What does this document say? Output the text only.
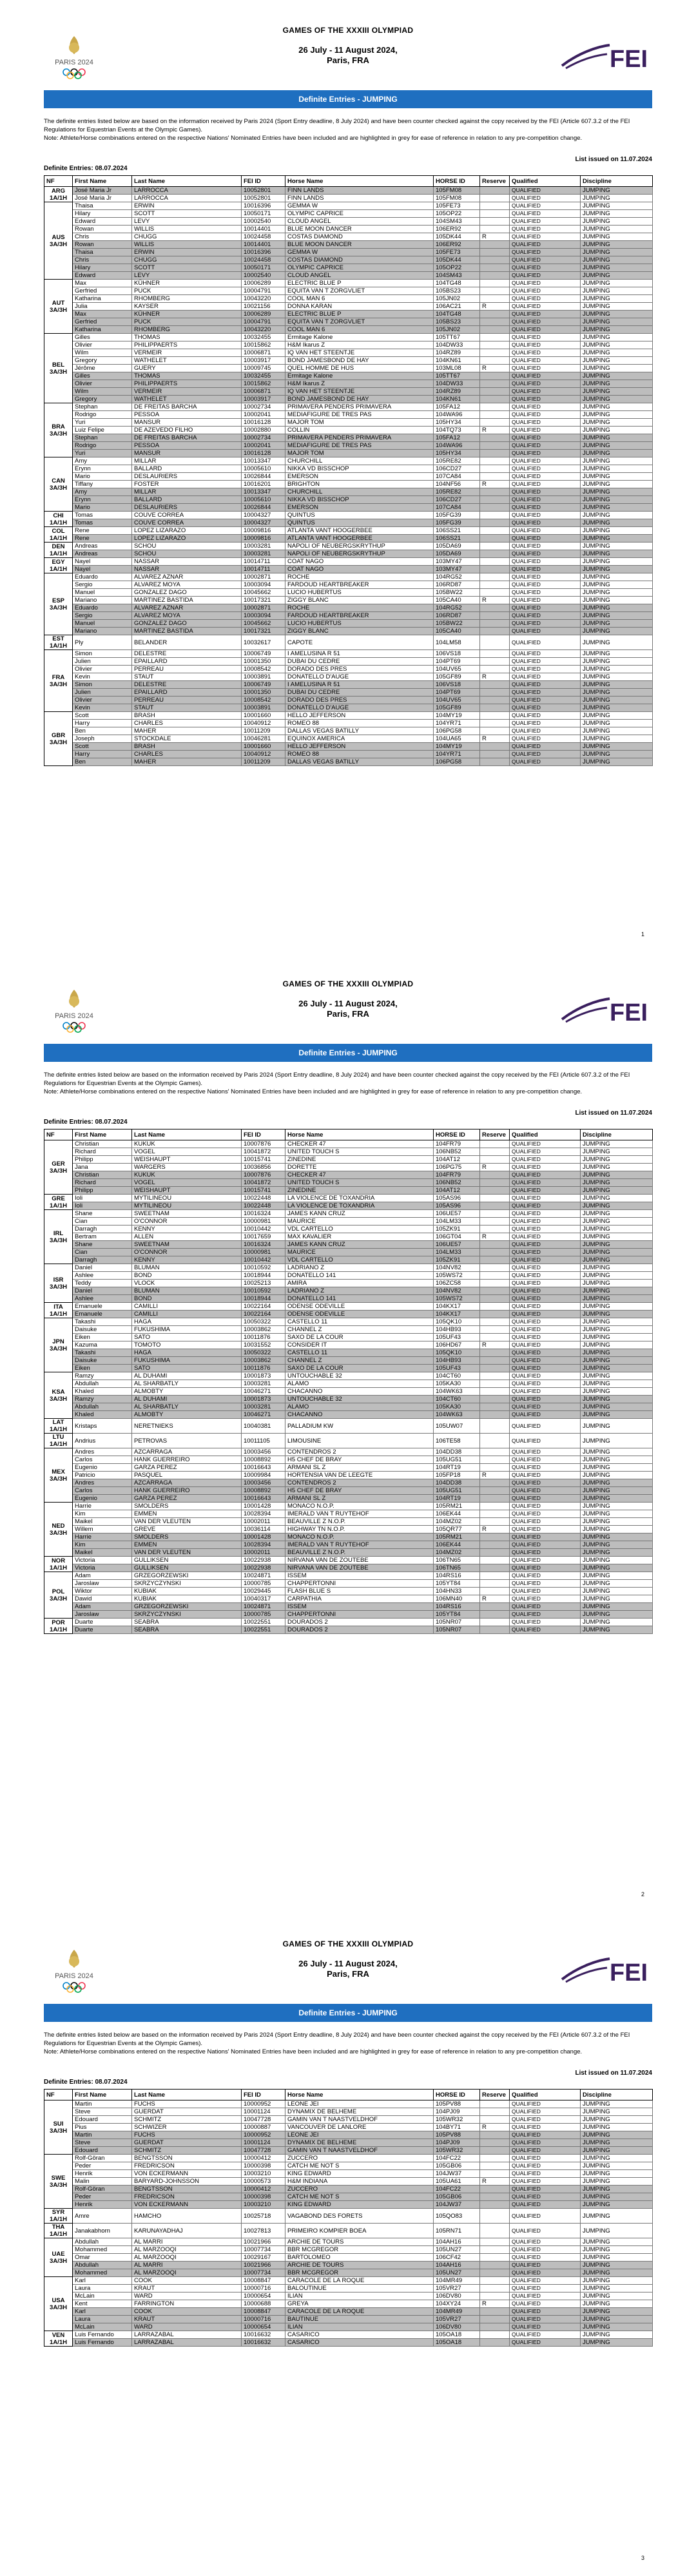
PARIS 2024	FEI
GAMES OF THE XXXIII OLYMPIAD
26 July - 11 August 2024,
Paris, FRA
Definite Entries - JUMPING
The definite entries listed below are based on the information received by Paris 2024 (Sport Entry deadline, 8 July 2024) and have been counter checked against the copy received by the FEI (Article 607.3.2 of the FEI Regulations for Equestrian Events at the Olympic Games).
Note: Athlete/Horse combinations entered on the respective Nations' Nominated Entries have been included and are highlighted in grey for ease of reference in relation to any pre-competition change.
List issued on 11.07.2024
Definite Entries: 08.07.2024
NF	First Name	Last Name	FEI ID	Horse Name	HORSE ID	Reserve	Qualified	Discipline
ARG
1A/1H	José Maria Jr	LARROCCA	10052801	FINN LANDS	105FM08		QUALIFIED	JUMPING
	José Maria Jr	LARROCCA	10052801	FINN LANDS	105FM08		QUALIFIED	JUMPING
AUS
3A/3H	Thaisa	ERWIN	10016396	GEMMA W	105FE73		QUALIFIED	JUMPING
	Hilary	SCOTT	10050171	OLYMPIC CAPRICE	105OP22		QUALIFIED	JUMPING
	Edward	LEVY	10002540	CLOUD ANGEL	104SM43		QUALIFIED	JUMPING
	Rowan	WILLIS	10014401	BLUE MOON DANCER	106ER92		QUALIFIED	JUMPING
	Chris	CHUGG	10024458	COSTAS DIAMOND	105DK44	R	QUALIFIED	JUMPING
	Rowan	WILLIS	10014401	BLUE MOON DANCER	106ER92		QUALIFIED	JUMPING
	Thaisa	ERWIN	10016396	GEMMA W	105FE73		QUALIFIED	JUMPING
	Chris	CHUGG	10024458	COSTAS DIAMOND	105DK44		QUALIFIED	JUMPING
	Hilary	SCOTT	10050171	OLYMPIC CAPRICE	105OP22		QUALIFIED	JUMPING
	Edward	LEVY	10002540	CLOUD ANGEL	104SM43		QUALIFIED	JUMPING
AUT
3A/3H	Max	KÜHNER	10006289	ELECTRIC BLUE P	104TG48		QUALIFIED	JUMPING
	Gerfried	PUCK	10004791	EQUITA VAN T ZORGVLIET	105BS23		QUALIFIED	JUMPING
	Katharina	RHOMBERG	10043220	COOL MAN 6	105JN02		QUALIFIED	JUMPING
	Julia	KAYSER	10021156	DONNA KARAN	106AC21	R	QUALIFIED	JUMPING
	Max	KÜHNER	10006289	ELECTRIC BLUE P	104TG48		QUALIFIED	JUMPING
	Gerfried	PUCK	10004791	EQUITA VAN T ZORGVLIET	105BS23		QUALIFIED	JUMPING
	Katharina	RHOMBERG	10043220	COOL MAN 6	105JN02		QUALIFIED	JUMPING
BEL
3A/3H	Gilles	THOMAS	10032455	Ermitage Kalone	105TT67		QUALIFIED	JUMPING
	Olivier	PHILIPPAERTS	10015862	H&M Ikarus Z	104DW33		QUALIFIED	JUMPING
	Wilm	VERMEIR	10006871	IQ VAN HET STEENTJE	104RZ89		QUALIFIED	JUMPING
	Gregory	WATHELET	10003917	BOND JAMESBOND DE HAY	104KN61		QUALIFIED	JUMPING
	Jérôme	GUERY	10009745	QUEL HOMME DE HUS	103ML08	R	QUALIFIED	JUMPING
	Gilles	THOMAS	10032455	Ermitage Kalone	105TT67		QUALIFIED	JUMPING
	Olivier	PHILIPPAERTS	10015862	H&M Ikarus Z	104DW33		QUALIFIED	JUMPING
	Wilm	VERMEIR	10006871	IQ VAN HET STEENTJE	104RZ89		QUALIFIED	JUMPING
	Gregory	WATHELET	10003917	BOND JAMESBOND DE HAY	104KN61		QUALIFIED	JUMPING
BRA
3A/3H	Stephan	DE FREITAS BARCHA	10002734	PRIMAVERA PENDERS PRIMAVERA	105FA12		QUALIFIED	JUMPING
	Rodrigo	PESSOA	10002041	MEDIAFIGURE DE TRES PAS	104WA96		QUALIFIED	JUMPING
	Yuri	MANSUR	10016128	MAJOR TOM	105HY34		QUALIFIED	JUMPING
	Luiz Felipe	DE AZEVEDO FILHO	10002880	COLLIN	104TQ73	R	QUALIFIED	JUMPING
	Stephan	DE FREITAS BARCHA	10002734	PRIMAVERA PENDERS PRIMAVERA	105FA12		QUALIFIED	JUMPING
	Rodrigo	PESSOA	10002041	MEDIAFIGURE DE TRES PAS	104WA96		QUALIFIED	JUMPING
	Yuri	MANSUR	10016128	MAJOR TOM	105HY34		QUALIFIED	JUMPING
CAN
3A/3H	Amy	MILLAR	10013347	CHURCHILL	105RE82		QUALIFIED	JUMPING
	Erynn	BALLARD	10005610	NIKKA VD BISSCHOP	106CD27		QUALIFIED	JUMPING
	Mario	DESLAURIERS	10026844	EMERSON	107CA84		QUALIFIED	JUMPING
	Tiffany	FOSTER	10016201	BRIGHTON	104NF56	R	QUALIFIED	JUMPING
	Amy	MILLAR	10013347	CHURCHILL	105RE82		QUALIFIED	JUMPING
	Erynn	BALLARD	10005610	NIKKA VD BISSCHOP	106CD27		QUALIFIED	JUMPING
	Mario	DESLAURIERS	10026844	EMERSON	107CA84		QUALIFIED	JUMPING
CHI
1A/1H	Tomas	COUVE CORREA	10004327	QUINTUS	105FG39		QUALIFIED	JUMPING
	Tomas	COUVE CORREA	10004327	QUINTUS	105FG39		QUALIFIED	JUMPING
COL
1A/1H	Rene	LOPEZ LIZARAZO	10009816	ATLANTA VANT HOOGERBEE	106SS21		QUALIFIED	JUMPING
	Rene	LOPEZ LIZARAZO	10009816	ATLANTA VANT HOOGERBEE	106SS21		QUALIFIED	JUMPING
DEN
1A/1H	Andreas	SCHOU	10003281	NAPOLI OF NEUBERGSKRYTHUP	105DA69		QUALIFIED	JUMPING
	Andreas	SCHOU	10003281	NAPOLI OF NEUBERGSKRYTHUP	105DA69		QUALIFIED	JUMPING
EGY
1A/1H	Nayel	NASSAR	10014711	COAT NAGO	103MY47		QUALIFIED	JUMPING
	Nayel	NASSAR	10014711	COAT NAGO	103MY47		QUALIFIED	JUMPING
ESP
3A/3H	Eduardo	ALVAREZ AZNAR	10002871	ROCHE	104RG52		QUALIFIED	JUMPING
	Sergio	ALVAREZ MOYA	10003094	FARDOUD HEARTBREAKER	106RD87		QUALIFIED	JUMPING
	Manuel	GONZALEZ DAGO	10045662	LUCIO HUBERTUS	105BW22		QUALIFIED	JUMPING
	Mariano	MARTINEZ BASTIDA	10017321	ZIGGY BLANC	105CA40	R	QUALIFIED	JUMPING
	Eduardo	ALVAREZ AZNAR	10002871	ROCHE	104RG52		QUALIFIED	JUMPING
	Sergio	ALVAREZ MOYA	10003094	FARDOUD HEARTBREAKER	106RD87		QUALIFIED	JUMPING
	Manuel	GONZALEZ DAGO	10045662	LUCIO HUBERTUS	105BW22		QUALIFIED	JUMPING
	Mariano	MARTINEZ BASTIDA	10017321	ZIGGY BLANC	105CA40		QUALIFIED	JUMPING
EST
1A/1H	Ply	BELANDER	10032617	CAPOTE	104LM58		QUALIFIED	JUMPING
FRA
3A/3H	Simon	DELESTRE	10006749	I AMELUSINA R 51	106VS18		QUALIFIED	JUMPING
	Julien	EPAILLARD	10001350	DUBAI DU CEDRE	104PT69		QUALIFIED	JUMPING
	Olivier	PERREAU	10008542	DORADO DES PRES	104UV65		QUALIFIED	JUMPING
	Kevin	STAUT	10003891	DONATELLO D'AUGE	105GF89	R	QUALIFIED	JUMPING
	Simon	DELESTRE	10006749	I AMELUSINA R 51	106VS18		QUALIFIED	JUMPING
	Julien	EPAILLARD	10001350	DUBAI DU CEDRE	104PT69		QUALIFIED	JUMPING
	Olivier	PERREAU	10008542	DORADO DES PRES	104UV65		QUALIFIED	JUMPING
	Kevin	STAUT	10003891	DONATELLO D'AUGE	105GF89		QUALIFIED	JUMPING
GBR
3A/3H	Scott	BRASH	10001660	HELLO JEFFERSON	104MY19		QUALIFIED	JUMPING
	Harry	CHARLES	10040912	ROMEO 88	104YR71		QUALIFIED	JUMPING
	Ben	MAHER	10011209	DALLAS VEGAS BATILLY	106PG58		QUALIFIED	JUMPING
	Joseph	STOCKDALE	10046281	EQUINOX AMERICA	104UA65	R	QUALIFIED	JUMPING
	Scott	BRASH	10001660	HELLO JEFFERSON	104MY19		QUALIFIED	JUMPING
	Harry	CHARLES	10040912	ROMEO 88	104YR71		QUALIFIED	JUMPING
	Ben	MAHER	10011209	DALLAS VEGAS BATILLY	106PG58		QUALIFIED	JUMPING
1
PARIS 2024	FEI
GAMES OF THE XXXIII OLYMPIAD
26 July - 11 August 2024,
Paris, FRA
Definite Entries - JUMPING
The definite entries listed below are based on the information received by Paris 2024 (Sport Entry deadline, 8 July 2024) and have been counter checked against the copy received by the FEI (Article 607.3.2 of the FEI Regulations for Equestrian Events at the Olympic Games).
Note: Athlete/Horse combinations entered on the respective Nations' Nominated Entries have been included and are highlighted in grey for ease of reference in relation to any pre-competition change.
List issued on 11.07.2024
Definite Entries: 08.07.2024
NF	First Name	Last Name	FEI ID	Horse Name	HORSE ID	Reserve	Qualified	Discipline
GER
3A/3H	Christian	KUKUK	10007876	CHECKER 47	104FR79		QUALIFIED	JUMPING
	Richard	VOGEL	10041872	UNITED TOUCH S	106NB52		QUALIFIED	JUMPING
	Philipp	WEISHAUPT	10015741	ZINEDINE	104AT12		QUALIFIED	JUMPING
	Jana	WARGERS	10036856	DORETTE	106PG75	R	QUALIFIED	JUMPING
	Christian	KUKUK	10007876	CHECKER 47	104FR79		QUALIFIED	JUMPING
	Richard	VOGEL	10041872	UNITED TOUCH S	106NB52		QUALIFIED	JUMPING
	Philipp	WEISHAUPT	10015741	ZINEDINE	104AT12		QUALIFIED	JUMPING
GRE
1A/1H	Ioli	MYTILINEOU	10022448	LA VIOLENCE DE TOXANDRIA	105AS96		QUALIFIED	JUMPING
	Ioli	MYTILINEOU	10022448	LA VIOLENCE DE TOXANDRIA	105AS96		QUALIFIED	JUMPING
IRL
3A/3H	Shane	SWEETNAM	10016324	JAMES KANN CRUZ	106UE57		QUALIFIED	JUMPING
	Cian	O'CONNOR	10000981	MAURICE	104LM33		QUALIFIED	JUMPING
	Darragh	KENNY	10010442	VDL CARTELLO	105ZK91		QUALIFIED	JUMPING
	Bertram	ALLEN	10017659	MAX KAVALIER	106GT04	R	QUALIFIED	JUMPING
	Shane	SWEETNAM	10016324	JAMES KANN CRUZ	106UE57		QUALIFIED	JUMPING
	Cian	O'CONNOR	10000981	MAURICE	104LM33		QUALIFIED	JUMPING
	Darragh	KENNY	10010442	VDL CARTELLO	105ZK91		QUALIFIED	JUMPING
ISR
3A/3H	Daniel	BLUMAN	10010592	LADRIANO Z	104NV82		QUALIFIED	JUMPING
	Ashlee	BOND	10018944	DONATELLO 141	105WS72		QUALIFIED	JUMPING
	Teddy	VLOCK	10025213	AMIRA	106ZC58		QUALIFIED	JUMPING
	Daniel	BLUMAN	10010592	LADRIANO Z	104NV82		QUALIFIED	JUMPING
	Ashlee	BOND	10018944	DONATELLO 141	105WS72		QUALIFIED	JUMPING
ITA
1A/1H	Emanuele	CAMILLI	10022164	ODENSE ODEVILLE	104KX17		QUALIFIED	JUMPING
	Emanuele	CAMILLI	10022164	ODENSE ODEVILLE	104KX17		QUALIFIED	JUMPING
JPN
3A/3H	Takashi	HAGA	10050322	CASTELLO 11	105QK10		QUALIFIED	JUMPING
	Daisuke	FUKUSHIMA	10003862	CHANNEL Z	104HB93		QUALIFIED	JUMPING
	Eiken	SATO	10011876	SAXO DE LA COUR	105UF43		QUALIFIED	JUMPING
	Kazuma	TOMOTO	10031552	CONSIDER IT	106HD67	R	QUALIFIED	JUMPING
	Takashi	HAGA	10050322	CASTELLO 11	105QK10		QUALIFIED	JUMPING
	Daisuke	FUKUSHIMA	10003862	CHANNEL Z	104HB93		QUALIFIED	JUMPING
	Eiken	SATO	10011876	SAXO DE LA COUR	105UF43		QUALIFIED	JUMPING
KSA
3A/3H	Ramzy	AL DUHAMI	10001873	UNTOUCHABLE 32	104CT60		QUALIFIED	JUMPING
	Abdullah	AL SHARBATLY	10003281	ALAMO	105KA30		QUALIFIED	JUMPING
	Khaled	ALMOBTY	10046271	CHACANNO	104WK63		QUALIFIED	JUMPING
	Ramzy	AL DUHAMI	10001873	UNTOUCHABLE 32	104CT60		QUALIFIED	JUMPING
	Abdullah	AL SHARBATLY	10003281	ALAMO	105KA30		QUALIFIED	JUMPING
	Khaled	ALMOBTY	10046271	CHACANNO	104WK63		QUALIFIED	JUMPING
LAT
1A/1H	Kristaps	NERETNIEKS	10040381	PALLADIUM KW	105UW07		QUALIFIED	JUMPING
LTU
1A/1H	Andrius	PETROVAS	10011105	LIMOUSINE	106TE58		QUALIFIED	JUMPING
MEX
3A/3H	Andres	AZCARRAGA	10003456	CONTENDROS 2	104DD38		QUALIFIED	JUMPING
	Carlos	HANK GUERREIRO	10008892	H5 CHEF DE BRAY	105UG51		QUALIFIED	JUMPING
	Eugenio	GARZA PEREZ	10016643	ARMANI SL Z	104RT19		QUALIFIED	JUMPING
	Patricio	PASQUEL	10009984	HORTENSIA VAN DE LEEGTE	105FP18	R	QUALIFIED	JUMPING
	Andres	AZCARRAGA	10003456	CONTENDROS 2	104DD38		QUALIFIED	JUMPING
	Carlos	HANK GUERREIRO	10008892	H5 CHEF DE BRAY	105UG51		QUALIFIED	JUMPING
	Eugenio	GARZA PEREZ	10016643	ARMANI SL Z	104RT19		QUALIFIED	JUMPING
NED
3A/3H	Harrie	SMOLDERS	10001428	MONACO N.O.P.	105RM21		QUALIFIED	JUMPING
	Kim	EMMEN	10028394	IMERALD VAN T RUYTEHOF	106EK44		QUALIFIED	JUMPING
	Maikel	VAN DER VLEUTEN	10002011	BEAUVILLE Z N.O.P.	104MZ02		QUALIFIED	JUMPING
	Willem	GREVE	10036114	HIGHWAY TN N.O.P.	105QR77	R	QUALIFIED	JUMPING
	Harrie	SMOLDERS	10001428	MONACO N.O.P.	105RM21		QUALIFIED	JUMPING
	Kim	EMMEN	10028394	IMERALD VAN T RUYTEHOF	106EK44		QUALIFIED	JUMPING
	Maikel	VAN DER VLEUTEN	10002011	BEAUVILLE Z N.O.P.	104MZ02		QUALIFIED	JUMPING
NOR
1A/1H	Victoria	GULLIKSEN	10022938	NIRVANA VAN DE ZOUTEBE	106TN65		QUALIFIED	JUMPING
	Victoria	GULLIKSEN	10022938	NIRVANA VAN DE ZOUTEBE	106TN65		QUALIFIED	JUMPING
POL
3A/3H	Adam	GRZEGORZEWSKI	10024871	ISSEM	104RS16		QUALIFIED	JUMPING
	Jaroslaw	SKRZYCZYNSKI	10000785	CHAPPERTONNI	105YT84		QUALIFIED	JUMPING
	Wiktor	KUBIAK	10029445	FLASH BLUE S	104HN33		QUALIFIED	JUMPING
	Dawid	KUBIAK	10040317	CARPATHIA	106MN40	R	QUALIFIED	JUMPING
	Adam	GRZEGORZEWSKI	10024871	ISSEM	104RS16		QUALIFIED	JUMPING
	Jaroslaw	SKRZYCZYNSKI	10000785	CHAPPERTONNI	105YT84		QUALIFIED	JUMPING
POR
1A/1H	Duarte	SEABRA	10022551	DOURADOS 2	105NR07		QUALIFIED	JUMPING
	Duarte	SEABRA	10022551	DOURADOS 2	105NR07		QUALIFIED	JUMPING
2
PARIS 2024	FEI
GAMES OF THE XXXIII OLYMPIAD
26 July - 11 August 2024,
Paris, FRA
Definite Entries - JUMPING
The definite entries listed below are based on the information received by Paris 2024 (Sport Entry deadline, 8 July 2024) and have been counter checked against the copy received by the FEI (Article 607.3.2 of the FEI Regulations for Equestrian Events at the Olympic Games).
Note: Athlete/Horse combinations entered on the respective Nations' Nominated Entries have been included and are highlighted in grey for ease of reference in relation to any pre-competition change.
List issued on 11.07.2024
Definite Entries: 08.07.2024
NF	First Name	Last Name	FEI ID	Horse Name	HORSE ID	Reserve	Qualified	Discipline
SUI
3A/3H	Martin	FUCHS	10000952	LEONE JEI	105PV88		QUALIFIED	JUMPING
	Steve	GUERDAT	10001124	DYNAMIX DE BELHEME	104PJ09		QUALIFIED	JUMPING
	Edouard	SCHMITZ	10047728	GAMIN VAN T NAASTVELDHOF	105WR32		QUALIFIED	JUMPING
	Pius	SCHWIZER	10000887	VANCOUVER DE LANLORE	104BY71	R	QUALIFIED	JUMPING
	Martin	FUCHS	10000952	LEONE JEI	105PV88		QUALIFIED	JUMPING
	Steve	GUERDAT	10001124	DYNAMIX DE BELHEME	104PJ09		QUALIFIED	JUMPING
	Edouard	SCHMITZ	10047728	GAMIN VAN T NAASTVELDHOF	105WR32		QUALIFIED	JUMPING
SWE
3A/3H	Rolf-Göran	BENGTSSON	10000412	ZUCCERO	104FC22		QUALIFIED	JUMPING
	Peder	FREDRICSON	10000398	CATCH ME NOT S	105GB06		QUALIFIED	JUMPING
	Henrik	VON ECKERMANN	10003210	KING EDWARD	104JW37		QUALIFIED	JUMPING
	Malin	BARYARD-JOHNSSON	10000573	H&M INDIANA	105UA61	R	QUALIFIED	JUMPING
	Rolf-Göran	BENGTSSON	10000412	ZUCCERO	104FC22		QUALIFIED	JUMPING
	Peder	FREDRICSON	10000398	CATCH ME NOT S	105GB06		QUALIFIED	JUMPING
	Henrik	VON ECKERMANN	10003210	KING EDWARD	104JW37		QUALIFIED	JUMPING
SYR
1A/1H	Amre	HAMCHO	10025718	VAGABOND DES FORETS	105QO83		QUALIFIED	JUMPING
THA
1A/1H	Janakabhorn	KARUNAYADHAJ	10027813	PRIMEIRO KOMPIER BOEA	105RN71		QUALIFIED	JUMPING
UAE
3A/3H	Abdullah	AL MARRI	10021966	ARCHIE DE TOURS	104AH16		QUALIFIED	JUMPING
	Mohammed	AL MARZOOQI	10007734	BBR MCGREGOR	105UN27		QUALIFIED	JUMPING
	Omar	AL MARZOOQI	10029167	BARTOLOMEO	106CF42		QUALIFIED	JUMPING
	Abdullah	AL MARRI	10021966	ARCHIE DE TOURS	104AH16		QUALIFIED	JUMPING
	Mohammed	AL MARZOOQI	10007734	BBR MCGREGOR	105UN27		QUALIFIED	JUMPING
USA
3A/3H	Karl	COOK	10008847	CARACOLE DE LA ROQUE	104MR49		QUALIFIED	JUMPING
	Laura	KRAUT	10000716	BALOUTINUE	105VR27		QUALIFIED	JUMPING
	McLain	WARD	10000654	ILIAN	106DV80		QUALIFIED	JUMPING
	Kent	FARRINGTON	10000688	GREYA	104XY24	R	QUALIFIED	JUMPING
	Karl	COOK	10008847	CARACOLE DE LA ROQUE	104MR49		QUALIFIED	JUMPING
	Laura	KRAUT	10000716	BAUTINUE	105VR27		QUALIFIED	JUMPING
	McLain	WARD	10000654	ILIAN	106DV80		QUALIFIED	JUMPING
VEN
1A/1H	Luis Fernando	LARRAZABAL	10016632	CASARICO	105OA18		QUALIFIED	JUMPING
	Luis Fernando	LARRAZABAL	10016632	CASARICO	105OA18		QUALIFIED	JUMPING
3
